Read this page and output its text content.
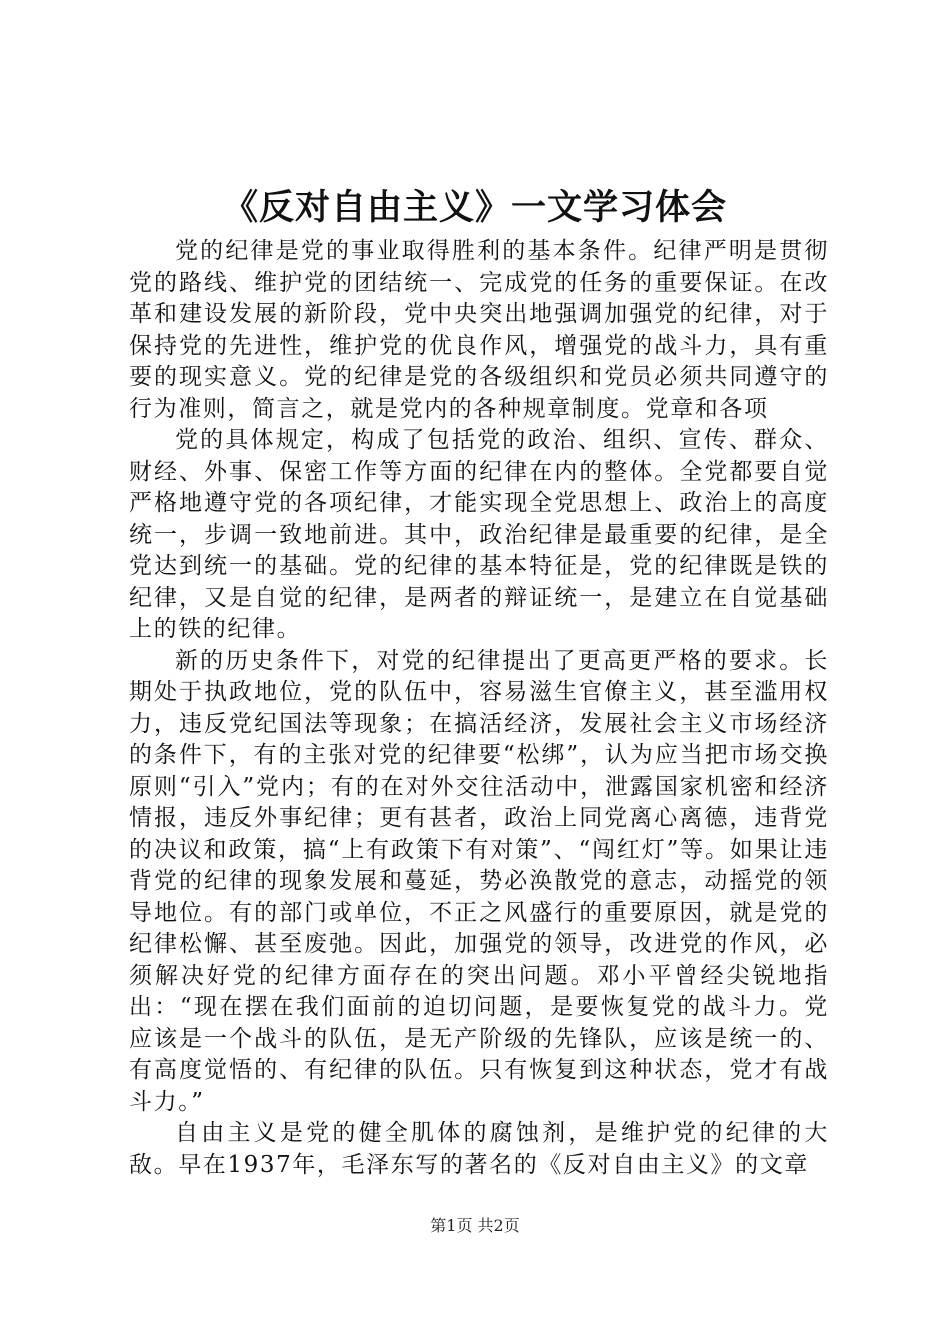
《反对自由主义》一文学习体会

党的纪律是党的事业取得胜利的基本条件。纪律严明是贯彻党的路线、维护党的团结统一、完成党的任务的重要保证。在改革和建设发展的新阶段，党中央突出地强调加强党的纪律，对于保持党的先进性，维护党的优良作风，增强党的战斗力，具有重要的现实意义。党的纪律是党的各级组织和党员必须共同遵守的行为准则，简言之，就是党内的各种规章制度。党章和各项

党的具体规定，构成了包括党的政治、组织、宣传、群众、财经、外事、保密工作等方面的纪律在内的整体。全党都要自觉严格地遵守党的各项纪律，才能实现全党思想上、政治上的高度统一，步调一致地前进。其中，政治纪律是最重要的纪律，是全党达到统一的基础。党的纪律的基本特征是，党的纪律既是铁的纪律，又是自觉的纪律，是两者的辩证统一，是建立在自觉基础上的铁的纪律。

新的历史条件下，对党的纪律提出了更高更严格的要求。长期处于执政地位，党的队伍中，容易滋生官僚主义，甚至滥用权力，违反党纪国法等现象；在搞活经济，发展社会主义市场经济的条件下，有的主张对党的纪律要“松绑”，认为应当把市场交换原则“引入”党内；有的在对外交往活动中，泄露国家机密和经济情报，违反外事纪律；更有甚者，政治上同党离心离德，违背党的决议和政策，搞“上有政策下有对策”、“闯红灯”等。如果让违背党的纪律的现象发展和蔓延，势必涣散党的意志，动摇党的领导地位。有的部门或单位，不正之风盛行的重要原因，就是党的纪律松懈、甚至废弛。因此，加强党的领导，改进党的作风，必须解决好党的纪律方面存在的突出问题。邓小平曾经尖锐地指出：“现在摆在我们面前的迫切问题，是要恢复党的战斗力。党应该是一个战斗的队伍，是无产阶级的先锋队，应该是统一的、有高度觉悟的、有纪律的队伍。只有恢复到这种状态，党才有战斗力。”

自由主义是党的健全肌体的腐蚀剂，是维护党的纪律的大敌。早在1937年，毛泽东写的著名的《反对自由主义》的文章

第1页 共2页
